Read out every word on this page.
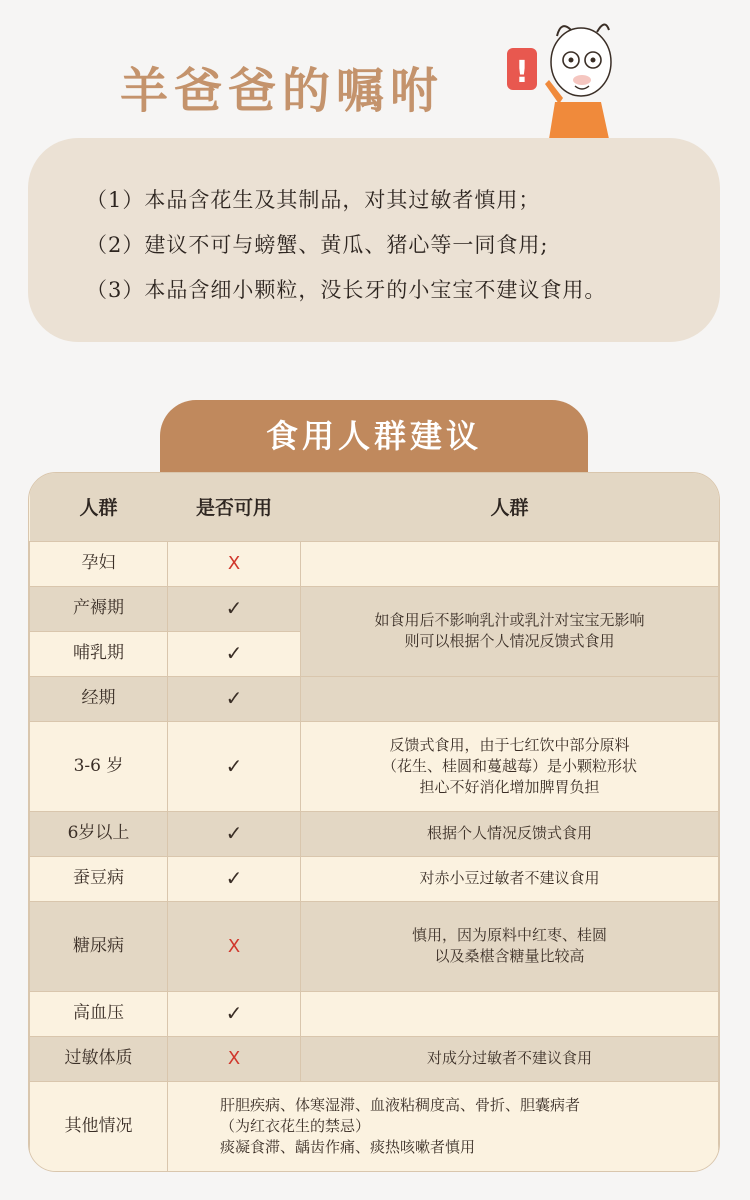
羊爸爸的嘱咐 !
（1）本品含花生及其制品，对其过敏者慎用；
（2）建议不可与螃蟹、黄瓜、猪心等一同食用;
（3）本品含细小颗粒，没长牙的小宝宝不建议食用。
食用人群建议
人群	是否可用	人群
孕妇	X	
产褥期	✓	如食用后不影响乳汁或乳汁对宝宝无影响
则可以根据个人情况反馈式食用

哺乳期	✓	
经期	✓	
3-6 岁	✓	反馈式食用，由于七红饮中部分原料
（花生、桂圆和蔓越莓）是小颗粒形状
担心不好消化增加脾胃负担

6岁以上	✓	根据个人情况反馈式食用
蚕豆病	✓	对赤小豆过敏者不建议食用
糖尿病	X	慎用，因为原料中红枣、桂圆
以及桑椹含糖量比较高

高血压	✓	
过敏体质	X	对成分过敏者不建议食用
其他情况	肝胆疾病、体寒湿滞、血液粘稠度高、骨折、胆囊病者
（为红衣花生的禁忌）
痰凝食滞、龋齿作痛、痰热咳嗽者慎用	
